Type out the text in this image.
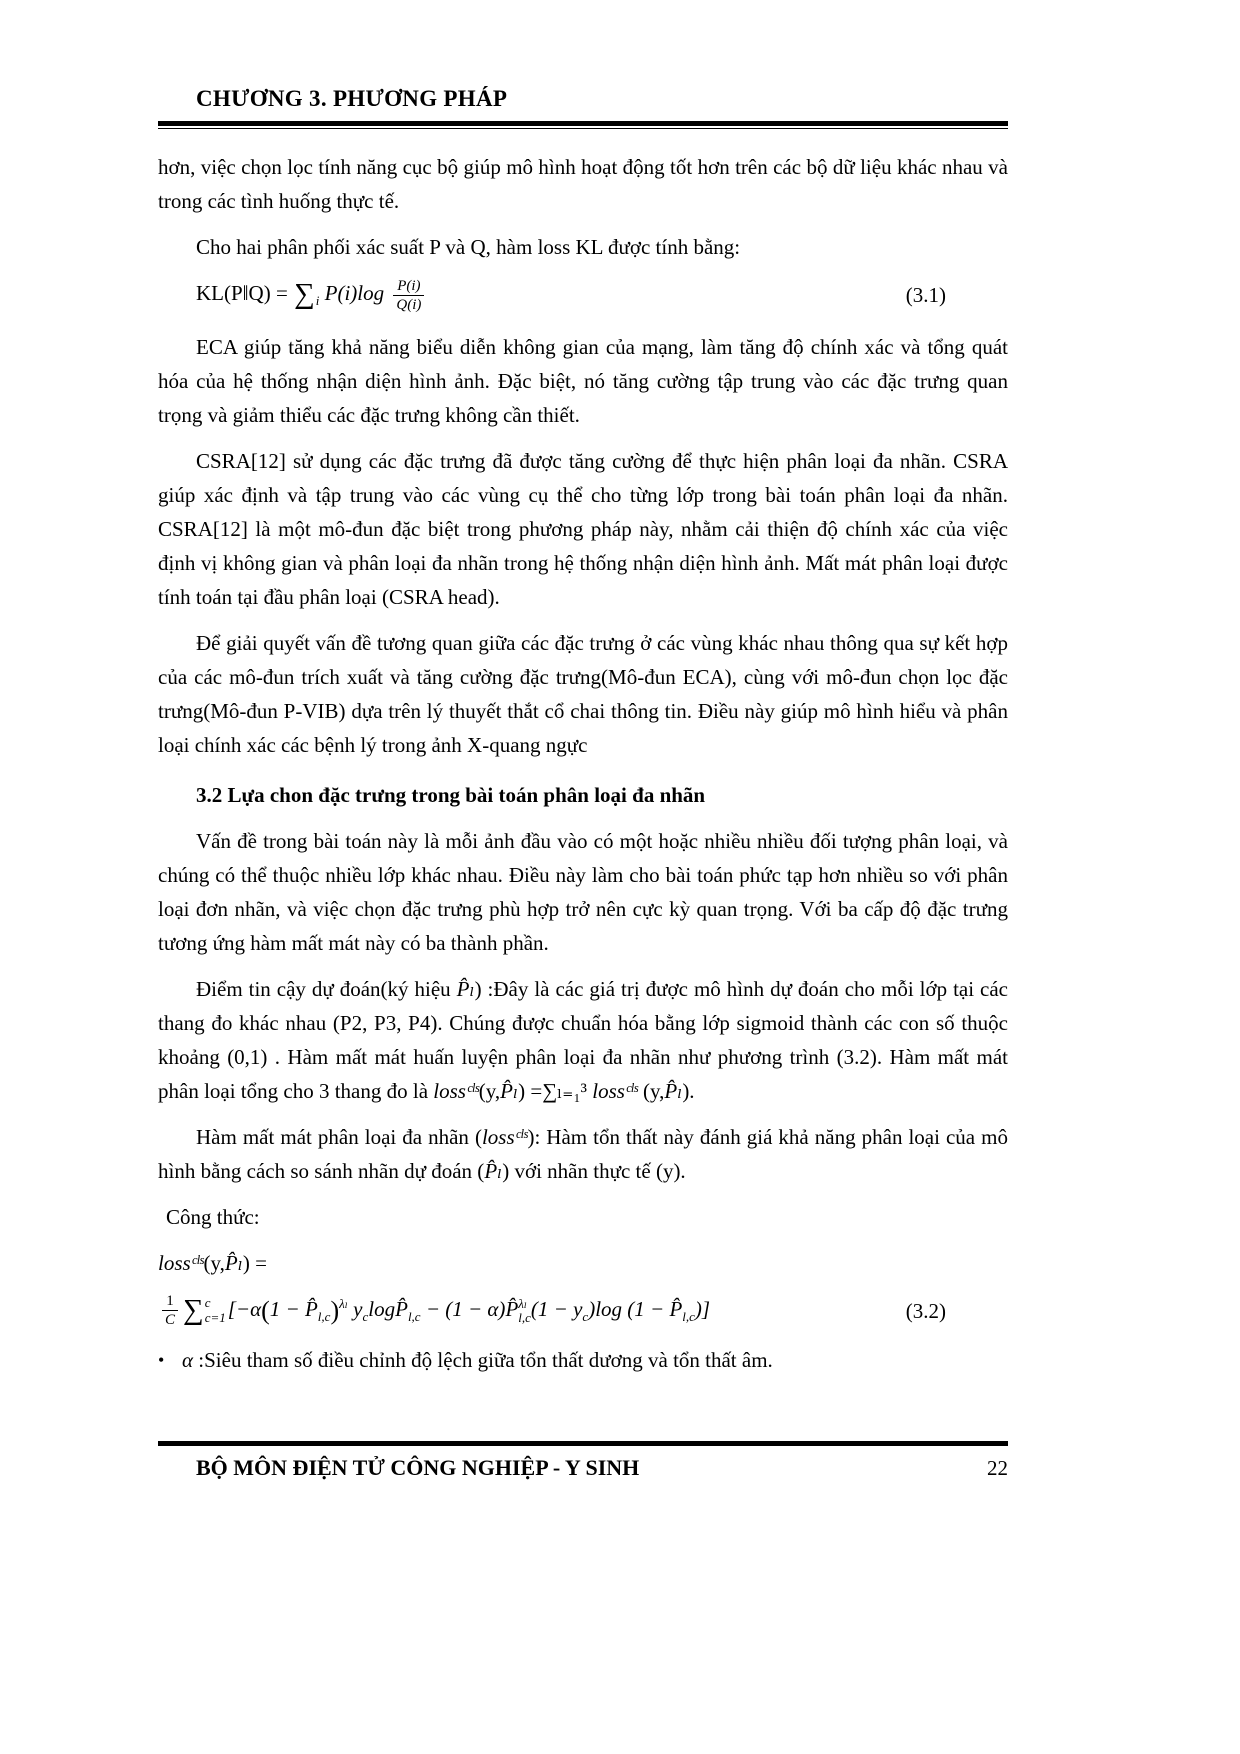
CHƯƠNG 3. PHƯƠNG PHÁP

hơn, việc chọn lọc tính năng cục bộ giúp mô hình hoạt động tốt hơn trên các bộ dữ liệu khác nhau và trong các tình huống thực tế.

Cho hai phân phối xác suất P và Q, hàm loss KL được tính bằng:

KL(P‖Q) = $\sum_i$ $P(i)\log \frac{P(i)}{Q(i)}$	(3.1)

ECA giúp tăng khả năng biểu diễn không gian của mạng, làm tăng độ chính xác và tổng quát hóa của hệ thống nhận diện hình ảnh. Đặc biệt, nó tăng cường tập trung vào các đặc trưng quan trọng và giảm thiểu các đặc trưng không cần thiết.

CSRA[12] sử dụng các đặc trưng đã được tăng cường để thực hiện phân loại đa nhãn. CSRA giúp xác định và tập trung vào các vùng cụ thể cho từng lớp trong bài toán phân loại đa nhãn. CSRA[12] là một mô-đun đặc biệt trong phương pháp này, nhằm cải thiện độ chính xác của việc định vị không gian và phân loại đa nhãn trong hệ thống nhận diện hình ảnh. Mất mát phân loại được tính toán tại đầu phân loại (CSRA head).

Để giải quyết vấn đề tương quan giữa các đặc trưng ở các vùng khác nhau thông qua sự kết hợp của các mô-đun trích xuất và tăng cường đặc trưng(Mô-đun ECA), cùng với mô-đun chọn lọc đặc trưng(Mô-đun P-VIB) dựa trên lý thuyết thắt cổ chai thông tin. Điều này giúp mô hình hiểu và phân loại chính xác các bệnh lý trong ảnh X-quang ngực

3.2 Lựa chon đặc trưng trong bài toán phân loại đa nhãn

Vấn đề trong bài toán này là mỗi ảnh đầu vào có một hoặc nhiều nhiều đối tượng phân loại, và chúng có thể thuộc nhiều lớp khác nhau. Điều này làm cho bài toán phức tạp hơn nhiều so với phân loại đơn nhãn, và việc chọn đặc trưng phù hợp trở nên cực kỳ quan trọng. Với ba cấp độ đặc trưng tương ứng hàm mất mát này có ba thành phần.

Điểm tin cậy dự đoán(ký hiệu P̂ₗ) :Đây là các giá trị được mô hình dự đoán cho mỗi lớp tại các thang đo khác nhau (P2, P3, P4). Chúng được chuẩn hóa bằng lớp sigmoid thành các con số thuộc khoảng (0,1) . Hàm mất mát huấn luyện phân loại đa nhãn như phương trình (3.2). Hàm mất mát phân loại tổng cho 3 thang đo là lossᶜˡˢ(y,P̂ₗ) =∑ₗ₌₁³ lossᶜˡˢ (y,P̂ₗ).

Hàm mất mát phân loại đa nhãn (lossᶜˡˢ): Hàm tổn thất này đánh giá khả năng phân loại của mô hình bằng cách so sánh nhãn dự đoán (P̂ₗ) với nhãn thực tế (y).

Công thức:

lossᶜˡˢ(y,P̂ₗ) =

$\frac{1}{C}$ ∑ c
c=1 [$-\alpha(1 - P̂_{l,c})^{\lambda_l}$ $y_c\log P̂_{l,c} - (1$ − α)P̂ λₗ
l,c $(1 - y_c)\log$ $(1 - P̂_{l,c})$]	(3.2)
• α :Siêu tham số điều chỉnh độ lệch giữa tổn thất dương và tổn thất âm.
BỘ MÔN ĐIỆN TỬ CÔNG NGHIỆP - Y SINH	22
